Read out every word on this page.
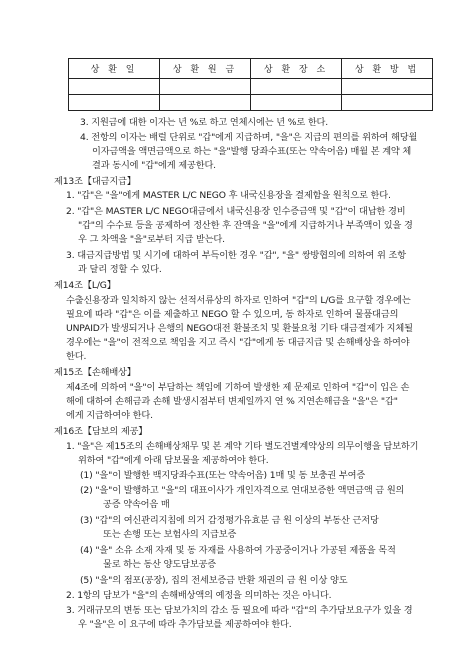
상 환 일	상 환 원 금	상 환 장 소	상 환 방 법

3. 지원금에 대한 이자는 년 %로 하고 연체시에는 년 %로 한다.
4. 전항의 이자는 배럴 단위로 "갑"에게 지급하며, "을"은 지급의 편의를 위하여 해당월
이자금액을 액면금액으로 하는 "을"발행 당좌수표(또는 약속어음) 매월 본 계약 체
결과 동시에 "갑"에게 제공한다.
제13조【대금지급】
1. "갑"은 "을"에게 MASTER L/C NEGO 후 내국신용장을 결제함을 원칙으로 한다.
2. "갑"은 MASTER L/C NEGO대금에서 내국신용장 인수증금액 및 "갑"이 대납한 경비
"갑"의 수수료 등을 공제하여 정산한 후 잔액을 "을"에게 지급하거나 부족액이 있을 경
우 그 차액을 "을"로부터 지급 받는다.
3. 대금지급방법 및 시기에 대하여 부득이한 경우 "갑", "을" 쌍방협의에 의하여 위 조항
과 달리 정할 수 있다.
제14조【L/G】
수출신용장과 일치하지 않는 선적서류상의 하자로 인하여 "갑"의 L/G를 요구할 경우에는
필요에 따라 "갑"은 이를 제출하고 NEGO 할 수 있으며, 동 하자로 인하여 물품대금의
UNPAID가 발생되거나 은행의 NEGO대전 환불조치 및 환불요청 기타 대금결제가 지체될
경우에는 "을"이 전적으로 책임을 지고 즉시 "갑"에게 동 대금지급 및 손해배상을 하여야
한다.
제15조【손해배상】
제4조에 의하여 "을"이 부담하는 책임에 기하여 발생한 제 문제로 인하여 "갑"이 입은 손
해에 대하여 손해금과 손해 발생시점부터 변제일까지 연 % 지연손해금을 "을"은 "갑"
에게 지급하여야 한다.
제16조【담보의 제공】
1. "을"은 제15조의 손해배상채무 및 본 계약 기타 별도건별계약상의 의무이행을 담보하기
위하여 "갑"에게 아래 담보물을 제공하여야 한다.
(1) "을"이 발행한 백지당좌수표(또는 약속어음) 1매 및 동 보충권 부여증
(2) "을"이 발행하고 "을"의 대표이사가 개인자격으로 연대보증한 액면금액 금 원의
공증 약속어음 매
(3) "갑"의 여신관리지침에 의거 감정평가유효분 금 원 이상의 부동산 근저당
또는 손행 또는 보험사의 지급보증
(4) "을" 소유 소재 자재 및 동 자재를 사용하여 가공중이거나 가공된 제품을 목적
물로 하는 동산 양도담보공증
(5) "을"의 점포(공장), 집의 전세보증금 반환 채권의 금 원 이상 양도
2. 1항의 담보가 "을"의 손해배상액의 예정을 의미하는 것은 아니다.
3. 거래규모의 변동 또는 담보가치의 감소 등 필요에 따라 "갑"의 추가담보요구가 있을 경
우 "을"은 이 요구에 따라 추가담보를 제공하여야 한다.
